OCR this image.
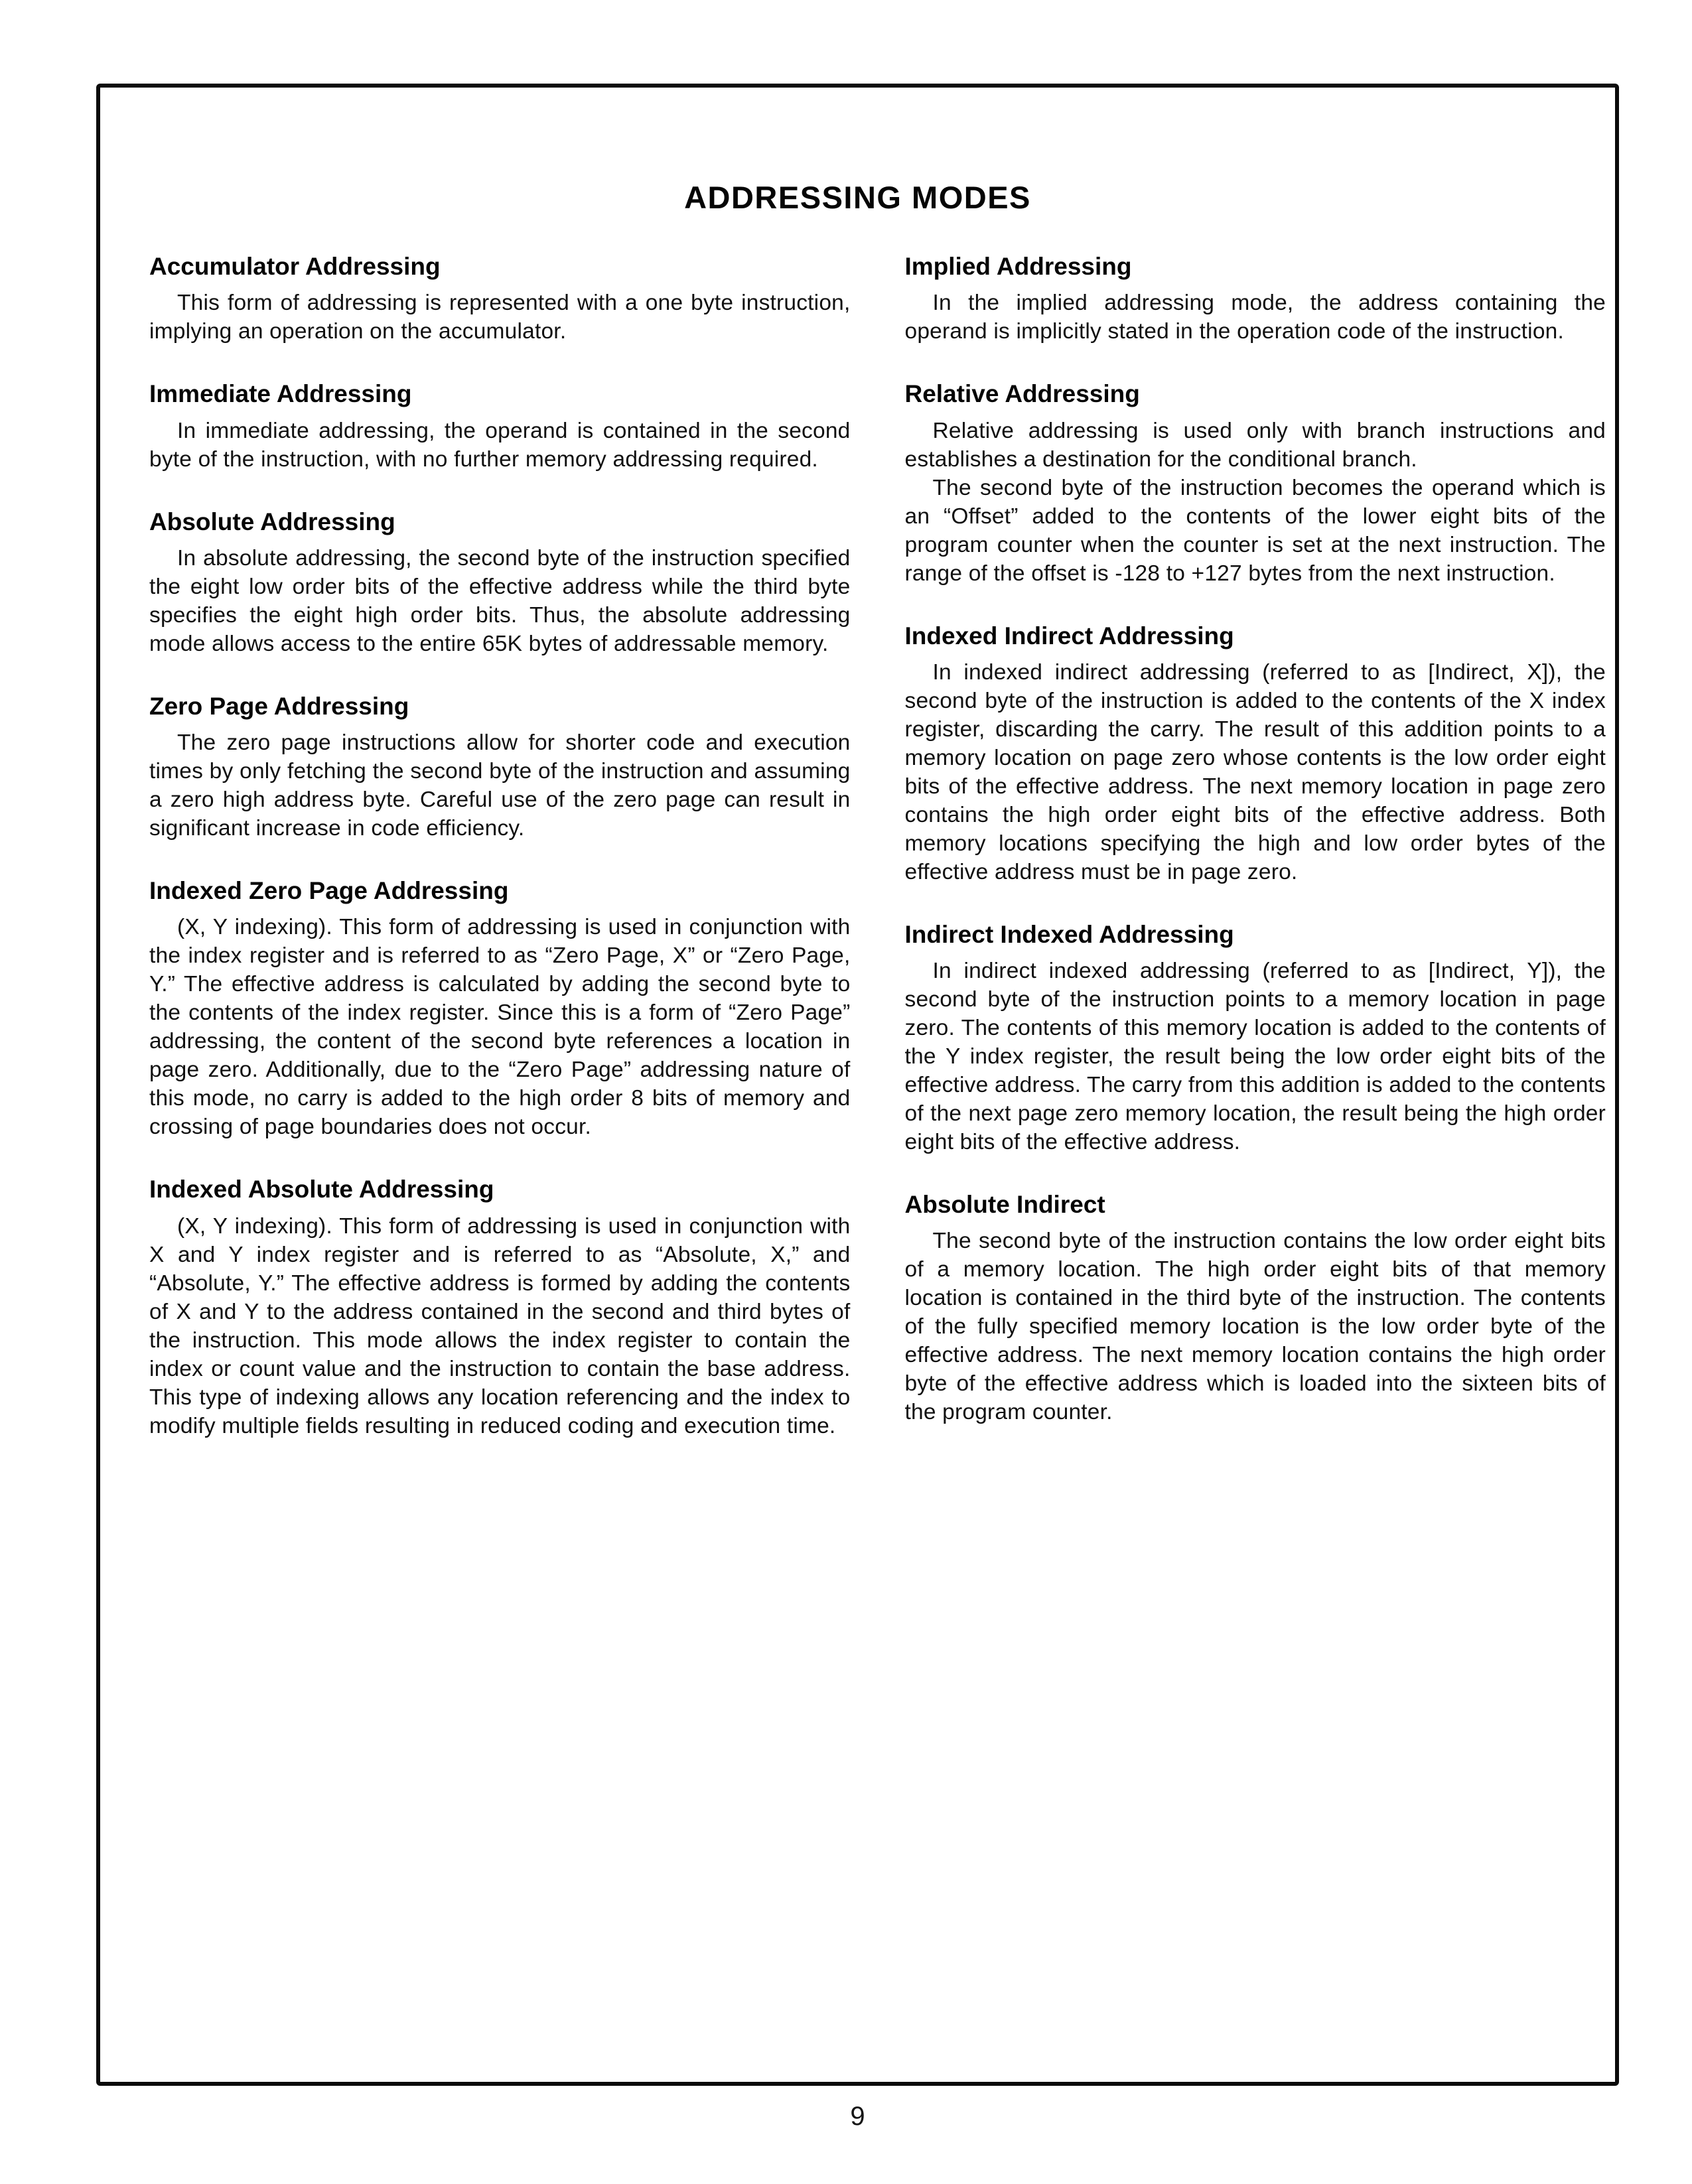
ADDRESSING MODES
Accumulator Addressing

This form of addressing is represented with a one byte instruction, implying an operation on the accumulator.

Immediate Addressing

In immediate addressing, the operand is contained in the second byte of the instruction, with no further memory addressing required.

Absolute Addressing

In absolute addressing, the second byte of the instruction specified the eight low order bits of the effective address while the third byte specifies the eight high order bits. Thus, the absolute addressing mode allows access to the entire 65K bytes of addressable memory.

Zero Page Addressing

The zero page instructions allow for shorter code and execution times by only fetching the second byte of the instruction and assuming a zero high address byte. Careful use of the zero page can result in significant increase in code efficiency.

Indexed Zero Page Addressing

(X, Y indexing). This form of addressing is used in conjunction with the index register and is referred to as “Zero Page, X” or “Zero Page, Y.” The effective address is calculated by adding the second byte to the contents of the index register. Since this is a form of “Zero Page” addressing, the content of the second byte references a location in page zero. Additionally, due to the “Zero Page” addressing nature of this mode, no carry is added to the high order 8 bits of memory and crossing of page boundaries does not occur.

Indexed Absolute Addressing

(X, Y indexing). This form of addressing is used in conjunction with X and Y index register and is referred to as “Absolute, X,” and “Absolute, Y.” The effective address is formed by adding the contents of X and Y to the address contained in the second and third bytes of the instruction. This mode allows the index register to contain the index or count value and the instruction to contain the base address. This type of indexing allows any location referencing and the index to modify multiple fields resulting in reduced coding and execution time.

Implied Addressing

In the implied addressing mode, the address containing the operand is implicitly stated in the operation code of the instruction.

Relative Addressing

Relative addressing is used only with branch instructions and establishes a destination for the conditional branch.

The second byte of the instruction becomes the operand which is an “Offset” added to the contents of the lower eight bits of the program counter when the counter is set at the next instruction. The range of the offset is -128 to +127 bytes from the next instruction.

Indexed Indirect Addressing

In indexed indirect addressing (referred to as [Indirect, X]), the second byte of the instruction is added to the contents of the X index register, discarding the carry. The result of this addition points to a memory location on page zero whose contents is the low order eight bits of the effective address. The next memory location in page zero contains the high order eight bits of the effective address. Both memory locations specifying the high and low order bytes of the effective address must be in page zero.

Indirect Indexed Addressing

In indirect indexed addressing (referred to as [Indirect, Y]), the second byte of the instruction points to a memory location in page zero. The contents of this memory location is added to the contents of the Y index register, the result being the low order eight bits of the effective address. The carry from this addition is added to the contents of the next page zero memory location, the result being the high order eight bits of the effective address.

Absolute Indirect

The second byte of the instruction contains the low order eight bits of a memory location. The high order eight bits of that memory location is contained in the third byte of the instruction. The contents of the fully specified memory location is the low order byte of the effective address. The next memory location contains the high order byte of the effective address which is loaded into the sixteen bits of the program counter.

9
